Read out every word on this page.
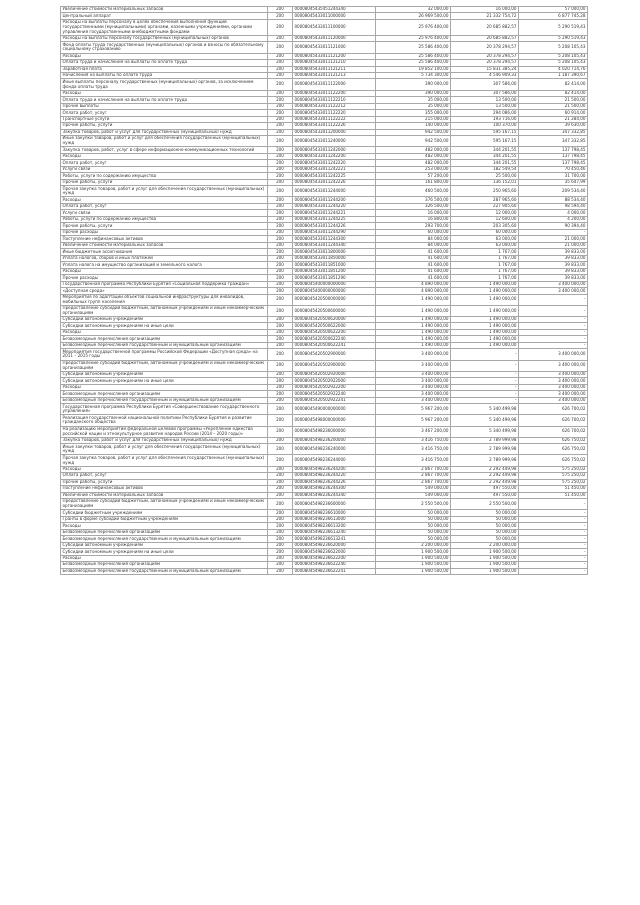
Увеличение стоимости материальных запасов	200	00008045435451244340	32 000,00	16 000,00	57 000,00
Центральный аппарат	200	00008045433011000000	26 969 500,00	21 332 754,72	6 877 745,28
Расходы на выплаты персоналу в целях обеспечения выполнения функций государственными (муниципальными) органами, казенными учреждениями, органами управления государственными внебюджетными фондами	200	00008045433011100000	25 976 400,00	20 685 882,57	5 290 519,43
Расходы на выплаты персоналу государственных (муниципальных) органов	200	00008045433011120000	25 976 400,00	20 685 882,57	5 290 519,43
Фонд оплаты труда государственных (муниципальных) органов и взносы по обязательному социальному страхованию	200	00008045433011121000	25 586 400,00	20 378 294,57	5 208 105,43
Расходы	200	00008045433011121200	25 586 400,00	20 378 294,57	5 208 105,43
Оплата труда и начисления на выплаты по оплате труда	200	00008045433011121210	25 586 400,00	20 378 294,57	5 208 105,43
Заработная плата	200	00008045433011121211	19 852 100,00	15 831 385,24	4 020 714,76
Начисления на выплаты по оплате труда	200	00008045433011121213	5 734 300,00	4 546 909,33	1 187 390,67
Иные выплаты персоналу государственных (муниципальных) органов, за исключением фонда оплаты труда	200	00008045433011122000	390 000,00	307 586,00	82 414,00
Расходы	200	00008045433011122200	390 000,00	307 586,00	82 414,00
Оплата труда и начисления на выплаты по оплате труда	200	00008045433011122210	35 000,00	13 500,00	21 500,00
Прочие выплаты	200	00008045433011122212	35 000,00	13 500,00	21 500,00
Оплата работ, услуг	200	00008045433011122220	355 000,00	294 086,00	60 914,00
Транспортные услуги	200	00008045433011122222	215 000,00	193 716,00	21 284,00
Прочие работы, услуги	200	00008045433011122226	140 000,00	100 370,00	39 630,00
Закупка товаров, работ и услуг для государственных (муниципальных) нужд	200	00008045433011200000	942 500,00	595 167,15	347 332,85
Иные закупки товаров, работ и услуг для обеспечения государственных (муниципальных) нужд	200	00008045433011240000	942 500,00	595 167,15	347 332,85
Закупка товаров, работ, услуг в сфере информационно-коммуникационных технологий	200	00008045433011242000	482 000,00	344 201,55	137 798,45
Расходы	200	00008045433011242200	482 000,00	344 201,55	137 798,45
Оплата работ, услуг	200	00008045433011242220	482 000,00	344 201,55	137 798,45
Услуги связи	200	00008045433011242221	253 000,00	182 549,54	70 450,46
Работы, услуги по содержанию имущества	200	00008045433011242225	57 200,00	25 500,00	31 700,00
Прочие работы, услуги	200	00008045433011242226	161 800,00	136 152,01	35 647,99
Прочая закупка товаров, работ и услуг для обеспечения государственных (муниципальных) нужд	200	00008045433011244000	460 500,00	250 965,60	209 534,40
Расходы	200	00008045433011244200	376 500,00	287 965,60	88 534,40
Оплата работ, услуг	200	00008045433011244220	326 500,00	227 905,60	98 594,40
Услуги связи	200	00008045433011244221	16 000,00	12 000,00	4 000,00
Работы, услуги по содержанию имущества	200	00008045433011244225	16 800,00	12 600,00	4 200,00
Прочие работы, услуги	200	00008045433011244226	293 700,00	203 305,60	90 394,40
Прочие расходы	200	00008045433011244290	60 000,00	60 000,00	-
Поступление нефинансовых активов	200	00008045433011244300	84 000,00	63 000,00	21 000,00
Увеличение стоимости материальных запасов	200	00008045433011244340	84 000,00	63 000,00	21 000,00
Иные бюджетные ассигнования	200	00008045433011800000	41 600,00	1 767,00	39 833,00
Уплата налогов, сборов и иных платежей	200	00008045433011850000	41 600,00	1 767,00	39 833,00
Уплата налога на имущество организаций и земельного налога	200	00008045433011851000	41 600,00	1 767,00	39 833,00
Расходы	200	00008045433011851200	41 600,00	1 767,00	39 833,00
Прочие расходы	200	00008045433011851290	41 600,00	1 767,00	39 833,00
Государственная программа Республики Бурятия «Социальная поддержка граждан»	200	00008045400000000000	4 890 000,00	1 490 000,00	3 400 000,00
«Доступная среда»	200	00008045400000000000	4 890 000,00	1 490 000,00	3 400 000,00
Мероприятия по адаптации объектов социальной инфраструктуры для инвалидов, мобильных групп населения	200	00008045420500000000	1 490 000,00	1 490 000,00	-
Предоставление субсидий бюджетным, автономным учреждениям и иным некоммерческим организациям	200	00008045420500600000	1 490 000,00	1 490 000,00	-
Субсидии автономным учреждениям	200	00008045420500620000	1 490 000,00	1 490 000,00	-
Субсидии автономным учреждениям на иные цели	200	00008045420500622000	1 490 000,00	1 490 000,00	-
Расходы	200	00008045420500622200	1 490 000,00	1 490 000,00	-
Безвозмездные перечисления организациям	200	00008045420500622240	1 490 000,00	1 490 000,00	-
Безвозмездные перечисления государственным и муниципальным организациям	200	00008045420500622241	1 490 000,00	1 490 000,00	-
Мероприятия государственной программы Российской Федерации «Доступная среда» на 2011 – 2015 годы	200	00008045420502900000	3 400 000,00	-	3 400 000,00
Предоставление субсидий бюджетным, автономным учреждениям и иным некоммерческим организациям	200	00008045420502900000	3 400 000,00	-	3 400 000,00
Субсидии автономным учреждениям	200	00008045420502920000	3 400 000,00	-	3 400 000,00
Субсидии автономным учреждениям на иные цели	200	00008045420502922000	3 400 000,00	-	3 400 000,00
Расходы	200	00008045420502922200	3 400 000,00	-	3 400 000,00
Безвозмездные перечисления организациям	200	00008045420502922240	3 400 000,00	-	3 400 000,00
Безвозмездные перечисления государственным и муниципальным организациям	200	00008045420502922241	3 400 000,00	-	3 400 000,00
Государственная программа Республики Бурятия «Совершенствование государственного управления»	200	00008045490000000000	5 967 200,00	5 340 499,98	626 700,02
Реализация государственной национальной политики Республики Бурятия и развитие гражданского общества	200	00008045498000000000	5 967 200,00	5 340 499,98	626 700,02
На реализацию мероприятий федеральной целевой программы «Укрепление единства российской нации и этнокультурное развитие народов России (2014 – 2020 годы)»	200	00008045498236000000	3 467 200,00	5 340 499,98	626 700,02
Закупка товаров, работ и услуг для государственных (муниципальных) нужд	200	00008045498236200000	3 416 750,00	2 789 999,98	626 750,02
Иные закупки товаров, работ и услуг для обеспечения государственных (муниципальных) нужд	200	00008045498236240000	3 416 750,00	2 789 999,98	626 750,02
Прочая закупка товаров, работ и услуг для обеспечения государственных (муниципальных) нужд	200	00008045498236244000	3 416 750,00	2 789 999,98	626 750,02
Расходы	200	00008045498236244200	2 867 700,00	2 292 449,98	575 250,02
Оплата работ, услуг	200	00008045498236244220	2 867 700,00	2 292 449,98	575 250,02
Прочие работы, услуги	200	00008045498236244226	2 867 700,00	2 292 449,98	575 250,02
Поступление нефинансовых активов	200	00008045498236244300	549 000,00	497 550,00	51 450,00
Увеличение стоимости материальных запасов	200	00008045498236244340	549 000,00	497 550,00	51 450,00
Предоставление субсидий бюджетным, автономным учреждениям и иным некоммерческим организациям	200	00008045498236600000	2 550 500,00	2 550 500,00	-
Субсидии бюджетным учреждениям	200	00008045498236610000	50 000,00	50 000,00	-
Гранты в форме субсидии бюджетным учреждениям	200	00008045498236613000	50 000,00	50 000,00	-
Расходы	200	00008045498236613200	50 000,00	50 000,00	-
Безвозмездные перечисления организациям	200	00008045498236613240	50 000,00	50 000,00	-
Безвозмездные перечисления государственным и муниципальным организациям	200	00008045498236613241	50 000,00	50 000,00	-
Субсидии автономным учреждениям	200	00008045498236620000	2 200 000,00	2 200 000,00	-
Субсидии автономным учреждениям на иные цели	200	00008045498236622000	1 900 500,00	1 900 500,00	-
Расходы	200	00008045498236622200	1 900 500,00	1 900 500,00	-
Безвозмездные перечисления организациям	200	00008045498236622240	1 900 500,00	1 900 500,00	-
Безвозмездные перечисления государственным и муниципальным организациям	200	00008045498236622241	1 900 500,00	1 900 500,00	-
